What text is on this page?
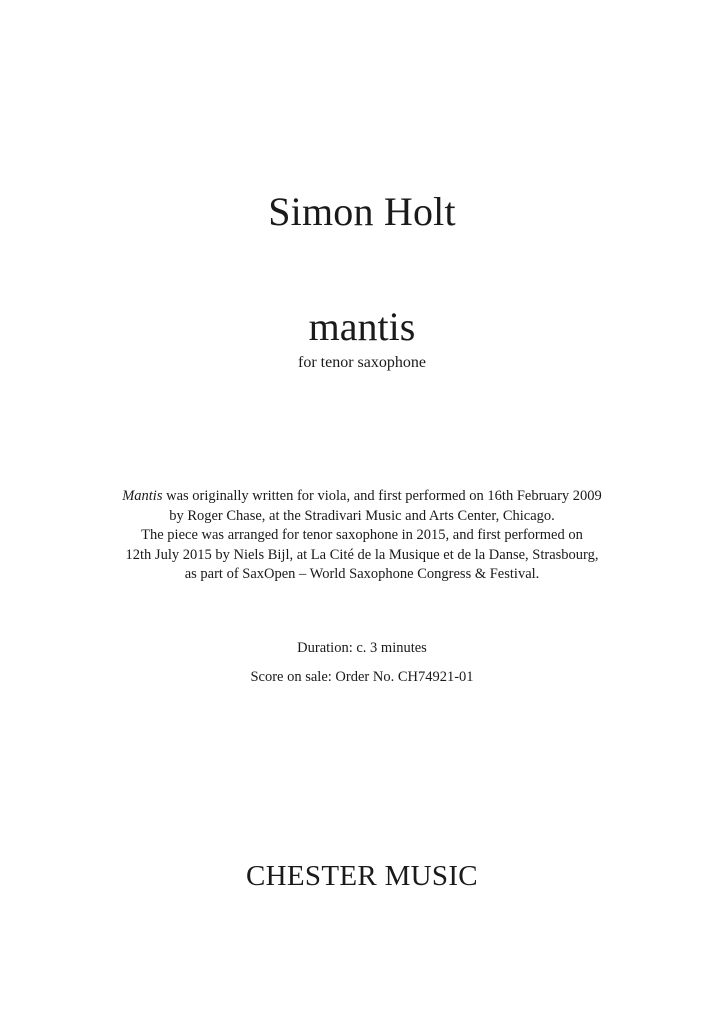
Simon Holt
mantis
for tenor saxophone
Mantis was originally written for viola, and first performed on 16th February 2009
by Roger Chase, at the Stradivari Music and Arts Center, Chicago.
The piece was arranged for tenor saxophone in 2015, and first performed on
12th July 2015 by Niels Bijl, at La Cité de la Musique et de la Danse, Strasbourg,
as part of SaxOpen – World Saxophone Congress & Festival.
Duration: c. 3 minutes
Score on sale: Order No. CH74921-01
CHESTER MUSIC
